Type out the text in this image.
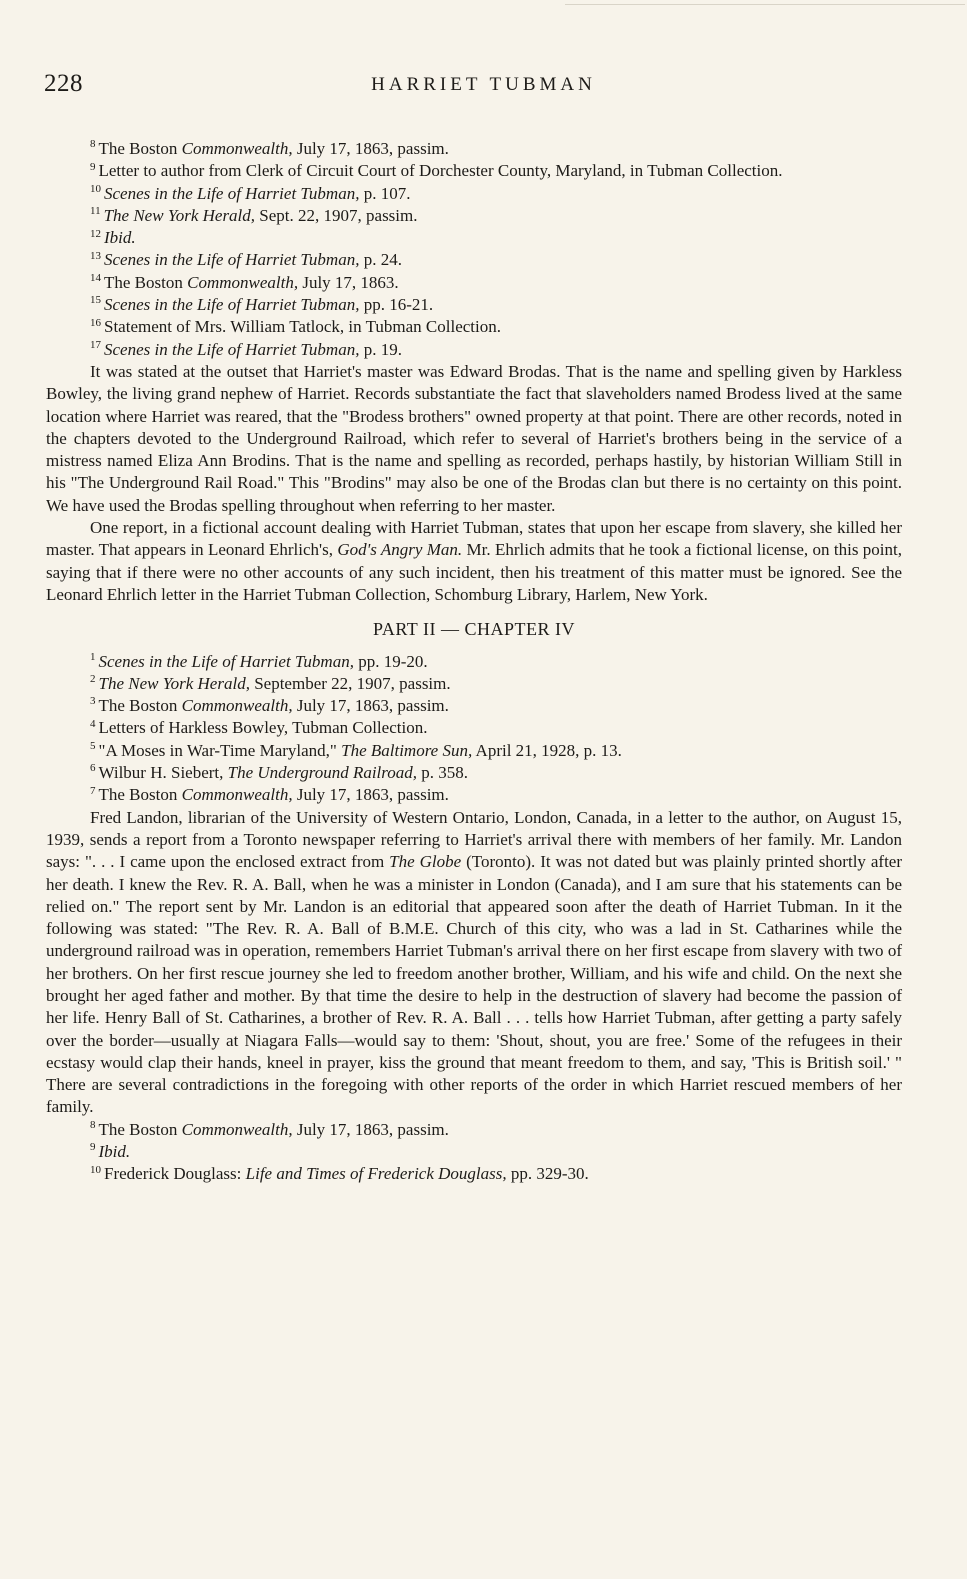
228	HARRIET TUBMAN

$^8$ The Boston Commonwealth, July 17, 1863, passim.

$^9$ Letter to author from Clerk of Circuit Court of Dorchester County, Maryland, in Tubman Collection.

$^{10}$ Scenes in the Life of Harriet Tubman, p. 107.

$^{11}$ The New York Herald, Sept. 22, 1907, passim.

$^{12}$ Ibid.

$^{13}$ Scenes in the Life of Harriet Tubman, p. 24.

$^{14}$ The Boston Commonwealth, July 17, 1863.

$^{15}$ Scenes in the Life of Harriet Tubman, pp. 16-21.

$^{16}$ Statement of Mrs. William Tatlock, in Tubman Collection.

$^{17}$ Scenes in the Life of Harriet Tubman, p. 19.

It was stated at the outset that Harriet's master was Edward Brodas. That is the name and spelling given by Harkless Bowley, the living grand nephew of Harriet. Records substantiate the fact that slaveholders named Brodess lived at the same location where Harriet was reared, that the "Brodess brothers" owned property at that point. There are other records, noted in the chapters devoted to the Underground Railroad, which refer to several of Harriet's brothers being in the service of a mistress named Eliza Ann Brodins. That is the name and spelling as recorded, perhaps hastily, by historian William Still in his "The Underground Rail Road." This "Brodins" may also be one of the Brodas clan but there is no certainty on this point. We have used the Brodas spelling throughout when referring to her master.

One report, in a fictional account dealing with Harriet Tubman, states that upon her escape from slavery, she killed her master. That appears in Leonard Ehrlich's, God's Angry Man. Mr. Ehrlich admits that he took a fictional license, on this point, saying that if there were no other accounts of any such incident, then his treatment of this matter must be ignored. See the Leonard Ehrlich letter in the Harriet Tubman Collection, Schomburg Library, Harlem, New York.

PART II — CHAPTER IV

$^1$ Scenes in the Life of Harriet Tubman, pp. 19-20.

$^2$ The New York Herald, September 22, 1907, passim.

$^3$ The Boston Commonwealth, July 17, 1863, passim.

$^4$ Letters of Harkless Bowley, Tubman Collection.

$^5$ "A Moses in War-Time Maryland," The Baltimore Sun, April 21, 1928, p. 13.

$^6$ Wilbur H. Siebert, The Underground Railroad, p. 358.

$^7$ The Boston Commonwealth, July 17, 1863, passim.

Fred Landon, librarian of the University of Western Ontario, London, Canada, in a letter to the author, on August 15, 1939, sends a report from a Toronto newspaper referring to Harriet's arrival there with members of her family. Mr. Landon says: ". . . I came upon the enclosed extract from The Globe (Toronto). It was not dated but was plainly printed shortly after her death. I knew the Rev. R. A. Ball, when he was a minister in London (Canada), and I am sure that his statements can be relied on." The report sent by Mr. Landon is an editorial that appeared soon after the death of Harriet Tubman. In it the following was stated: "The Rev. R. A. Ball of B.M.E. Church of this city, who was a lad in St. Catharines while the underground railroad was in operation, remembers Harriet Tubman's arrival there on her first escape from slavery with two of her brothers. On her first rescue journey she led to freedom another brother, William, and his wife and child. On the next she brought her aged father and mother. By that time the desire to help in the destruction of slavery had become the passion of her life. Henry Ball of St. Catharines, a brother of Rev. R. A. Ball . . . tells how Harriet Tubman, after getting a party safely over the border—usually at Niagara Falls—would say to them: 'Shout, shout, you are free.' Some of the refugees in their ecstasy would clap their hands, kneel in prayer, kiss the ground that meant freedom to them, and say, 'This is British soil.' " There are several contradictions in the foregoing with other reports of the order in which Harriet rescued members of her family.

$^8$ The Boston Commonwealth, July 17, 1863, passim.

$^9$ Ibid.

$^{10}$ Frederick Douglass: Life and Times of Frederick Douglass, pp. 329-30.
